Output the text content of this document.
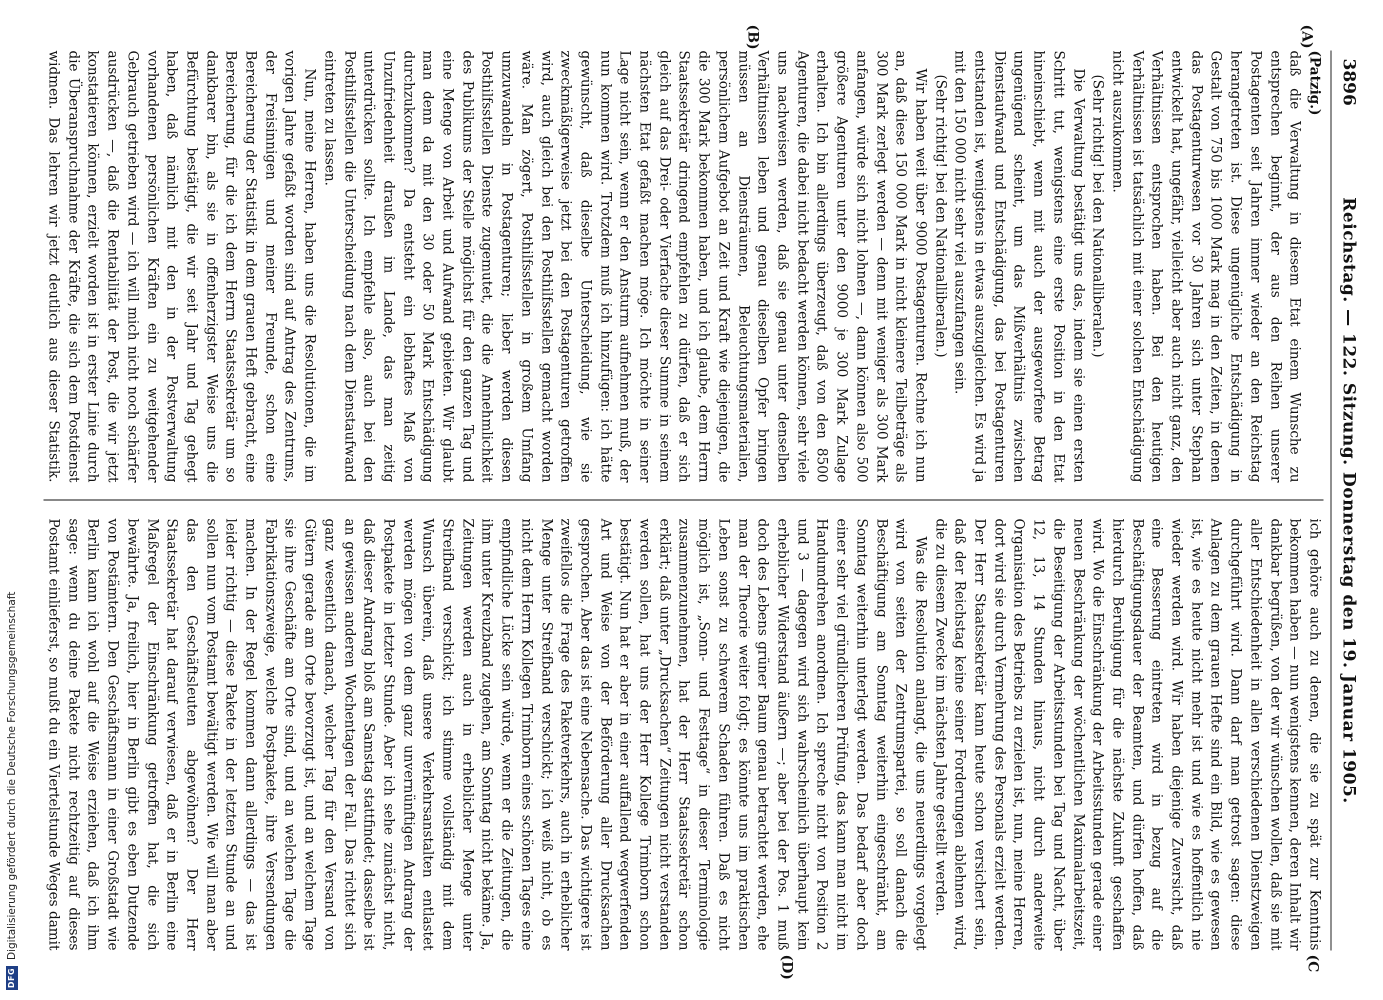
3896
Reichstag. — 122. Sitzung. Donnerstag den 19. Januar 1905.
(A)
(B)
(C
(D)
(Patzig.)

daß die Verwaltung in diesem Etat einem Wunsche zu entsprechen beginnt, der aus den Reihen unserer Postagenten seit Jahren immer wieder an den Reichstag herangetreten ist. Diese ungenügliche Entschädigung in Gestalt von 750 bis 1000 Mark mag in den Zeiten, in denen das Postagenturwesen vor 30 Jahren sich unter Stephan entwickelt hat, ungefähr, vielleicht aber auch nicht ganz, den Verhältnissen entsprochen haben. Bei den heutigen Verhältnissen ist tatsächlich mit einer solchen Entschädigung nicht auszukommen.

(Sehr richtig! bei den Nationalliberalen.)

Die Verwaltung bestätigt uns das, indem sie einen ersten Schritt tut, wenigstens eine erste Position in den Etat hineinschiebt, wenn mit auch der ausgeworfene Betrag ungenügend scheint, um das Mißverhältnis zwischen Dienstaufwand und Entschädigung, das bei Postagenturen entstanden ist, wenigstens in etwas auszugleichen. Es wird ja mit den 150 000 nicht sehr viel auszufangen sein.

(Sehr richtig! bei den Nationalliberalen.)

Wir haben weit über 9000 Postagenturen. Rechne ich nun an, daß diese 150 000 Mark in nicht kleinere Teilbeträge als 300 Mark zerlegt werden — denn mit weniger als 300 Mark anfangen, würde sich nicht lohnen —, dann können also 500 größere Agenturen unter den 9000 je 300 Mark Zulage erhalten. Ich bin allerdings überzeugt, daß von den 8500 Agenturen, die dabei nicht bedacht werden können, sehr viele uns nachweisen werden, daß sie genau unter denselben Verhältnissen leben und genau dieselben Opfer bringen müssen an Diensträumen, Beleuchtungsmaterialien, persönlichem Aufgebot an Zeit und Kraft wie diejenigen, die die 300 Mark bekommen haben, und ich glaube, dem Herrn Staatssekretär dringend empfehlen zu dürfen, daß er sich gleich auf das Drei- oder Vierfache dieser Summe in seinem nächsten Etat gefaßt machen möge. Ich möchte in seiner Lage nicht sein, wenn er den Ansturm aufnehmen muß, der nun kommen wird. Trotzdem muß ich hinzufügen: ich hätte gewünscht, daß dieselbe Unterscheidung, wie sie zweckmäßigerweise jetzt bei den Postagenturen getroffen wird, auch gleich bei den Posthilfsstellen gemacht worden wäre. Man zögert, Posthilfsstellen in großem Umfang umzuwandeln in Postagenturen; lieber werden diesen Posthilfsstellen Dienste zugemutet, die die Annehmlichkeit des Publikums der Stelle möglichst für den ganzen Tag und eine Menge von Arbeit und Aufwand gebieten. Wir glaubt man denn da mit den 30 oder 50 Mark Entschädigung durchzukommen? Da entsteht ein lebhaftes Maß von Unzufriedenheit draußen im Lande, das man zeitig unterdrücken sollte. Ich empfehle also, auch bei den Posthilfsstellen die Unterscheidung nach dem Dienstaufwand eintreten zu lassen.

Nun, meine Herren, haben uns die Resolutionen, die im vorigen Jahre gefaßt worden sind auf Antrag des Zentrums, der Freisinnigen und meiner Freunde, schon eine Bereicherung der Statistik in dem grauen Heft gebracht, eine Bereicherung, für die ich dem Herrn Staatssekretär um so dankbarer bin, als sie in offenherzigster Weise uns die Befürchtung bestätigt, die wir seit Jahr und Tag gehegt haben, daß nämlich mit den in der Postverwaltung vorhandenen persönlichen Kräften ein zu weitgehender Gebrauch getrieben wird — ich will mich nicht noch schärfer ausdrücken —, daß die Rentabilität der Post, die wir jetzt konstatieren können, erzielt worden ist in erster Linie durch die Überanspruchnahme der Kräfte, die sich dem Postdienst widmen. Das lehren wir jetzt deutlich aus dieser Statistik.

ich gehöre auch zu denen, die sie zu spät zur Kenntnis bekommen haben — nun wenigstens kennen, deren Inhalt wir dankbar begrüßen, von der wir wünschen wollen, daß sie mit aller Entschiedenheit in allen verschiedenen Dienstzweigen durchgeführt wird. Dann darf man getrost sagen: diese Anlagen zu dem grauen Hefte sind ein Bild, wie es gewesen ist, wie es heute nicht mehr ist und wie es hoffentlich nie wieder werden wird. Wir haben diejenige Zuversicht, daß eine Besserung eintreten wird in bezug auf die Beschäftigungsdauer der Beamten, und dürfen hoffen, daß hierdurch Beruhigung für die nächste Zukunft geschaffen wird. Wo die Einschränkung der Arbeitsstunden gerade einer neuen Beschränkung der wöchentlichen Maximalarbeitszeit, die Beseitigung der Arbeitsstunden bei Tag und Nacht, über 12, 13, 14 Stunden hinaus, nicht durch anderweite Organisation des Betriebs zu erzielen ist, nun, meine Herren, dort wird sie durch Vermehrung des Personals erzielt werden. Der Herr Staatssekretär kann heute schon versichert sein, daß der Reichstag keine seiner Forderungen ablehnen wird, die zu diesem Zwecke im nächsten Jahre gestellt werden.

Was die Resolution anlangt, die uns neuerdings vorgelegt wird von seiten der Zentrumspartei, so soll danach die Beschäftigung am Sonntag weiterhin eingeschränkt, am Sonntag weiterhin unterlegt werden. Das bedarf aber doch einer sehr viel gründlicheren Prüfung, das kann man nicht im Handumdrehen anordnen. Ich spreche nicht von Position 2 und 3 — dagegen wird sich wahrscheinlich überhaupt kein erheblicher Widerstand äußern —; aber bei der Pos. 1 muß doch des Lebens grüner Baum genau betrachtet werden, ehe man der Theorie weiter folgt; es könnte uns im praktischen Leben sonst zu schwerem Schaden führen. Daß es nicht möglich ist, „Sonn- und Festtage“ in dieser Terminologie zusammenzunehmen, hat der Herr Staatssekretär schon erklärt; daß unter „Drucksachen“ Zeitungen nicht verstanden werden sollen, hat uns der Herr Kollege Trimborn schon bestätigt. Nun hat er aber in einer auffallend wegwerfenden Art und Weise von der Beförderung aller Drucksachen gesprochen. Aber das ist eine Nebensache. Das wichtigere ist zweifellos die Frage des Paketverkehrs, auch in erheblicher Menge unter Streifband verschickt; ich weiß nicht, ob es nicht dem Herrn Kollegen Trimborn eines schönen Tages eine empfindliche Lücke sein würde, wenn er die Zeitungen, die ihm unter Kreuzband zugehen, am Sonntag nicht bekäme. Ja, Zeitungen werden auch in erheblicher Menge unter Streifband verschickt; ich stimme vollständig mit dem Wunsch überein, daß unsere Verkehrsanstalten entlastet werden mögen von dem ganz unvernünftigen Andrang der Postpakete in letzter Stunde. Aber ich sehe zunächst nicht, daß dieser Andrang bloß am Samstag stattfindet; dasselbe ist an gewissen anderen Wochentagen der Fall. Das richtet sich ganz wesentlich danach, welcher Tag für den Versand von Gütern gerade am Orte bevorzugt ist, und an welchem Tage sie ihre Geschäfte am Orte sind, und an welchen Tage die Fabrikationszweige, welche Postpakete, ihre Versendungen machen. In der Regel kommen dann allerdings — das ist leider richtig — diese Pakete in der letzten Stunde an und sollen nun vom Postamt bewältigt werden. Wie will man aber das den Geschäftsleuten abgewöhnen? Der Herr Staatssekretär hat darauf verwiesen, daß er in Berlin eine Maßregel der Einschränkung getroffen hat, die sich bewährte. Ja, freilich, hier in Berlin gibt es eben Dutzende von Postämtern. Den Geschäftsmann in einer Großstadt wie Berlin kann ich wohl auf die Weise erziehen, daß ich ihm sage: wenn du deine Pakete nicht rechtzeitig auf dieses Postamt einlieferst, so mußt du ein Viertelstunde Weges damit

DFGDigitalisierung gefördert durch die Deutsche Forschungsgemeinschaft
